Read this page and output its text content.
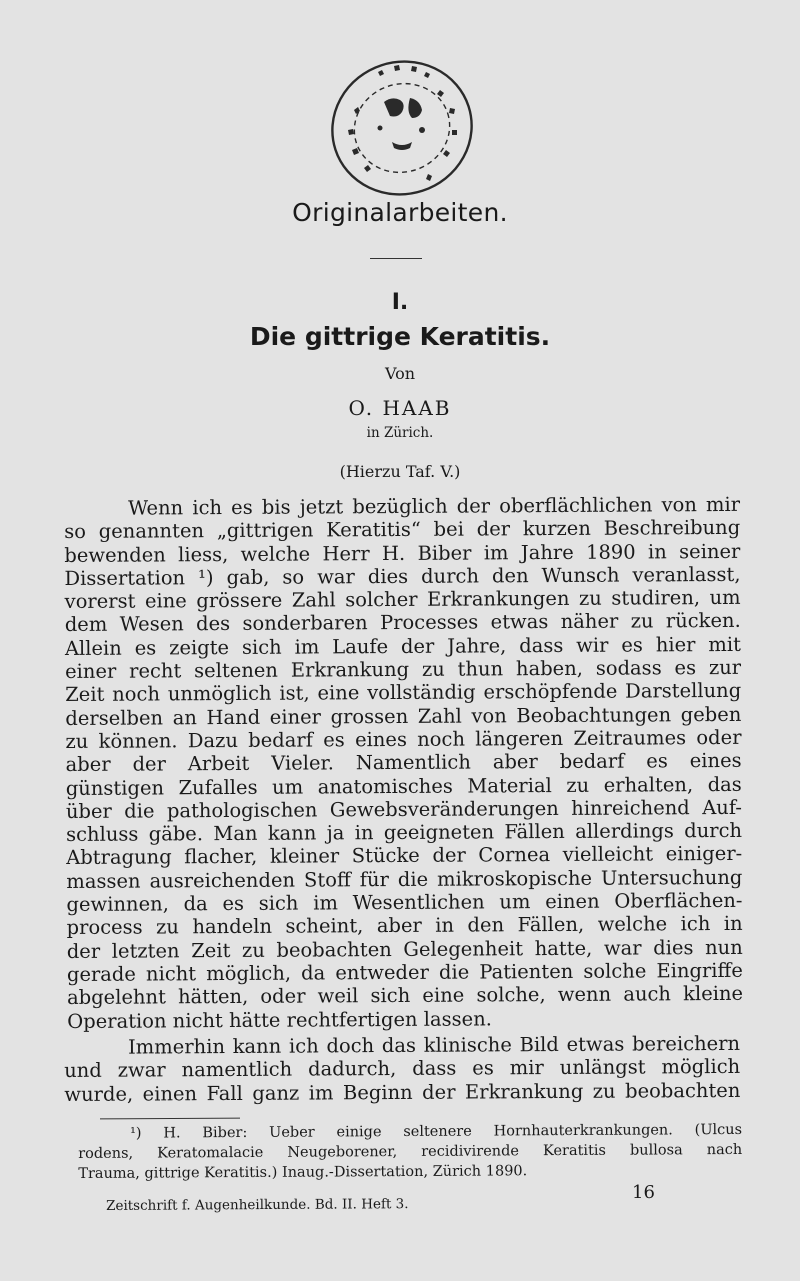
Originalarbeiten.
I.
Die gittrige Keratitis.
Von
O. HAAB
in Zürich.
(Hierzu Taf. V.)
Wenn ich es bis jetzt bezüglich der oberflächlichen von mir
so genannten „gittrigen Keratitis“ bei der kurzen Beschreibung
bewenden liess, welche Herr H. Biber im Jahre 1890 in seiner
Dissertation ¹) gab, so war dies durch den Wunsch veranlasst,
vorerst eine grössere Zahl solcher Erkrankungen zu studiren, um
dem Wesen des sonderbaren Processes etwas näher zu rücken.
Allein es zeigte sich im Laufe der Jahre, dass wir es hier mit
einer recht seltenen Erkrankung zu thun haben, sodass es zur
Zeit noch unmöglich ist, eine vollständig erschöpfende Darstellung
derselben an Hand einer grossen Zahl von Beobachtungen geben
zu können. Dazu bedarf es eines noch längeren Zeitraumes oder
aber der Arbeit Vieler. Namentlich aber bedarf es eines
günstigen Zufalles um anatomisches Material zu erhalten, das
über die pathologischen Gewebsveränderungen hinreichend Auf-
schluss gäbe. Man kann ja in geeigneten Fällen allerdings durch
Abtragung flacher, kleiner Stücke der Cornea vielleicht einiger-
massen ausreichenden Stoff für die mikroskopische Untersuchung
gewinnen, da es sich im Wesentlichen um einen Oberflächen-
process zu handeln scheint, aber in den Fällen, welche ich in
der letzten Zeit zu beobachten Gelegenheit hatte, war dies nun
gerade nicht möglich, da entweder die Patienten solche Eingriffe
abgelehnt hätten, oder weil sich eine solche, wenn auch kleine
Operation nicht hätte rechtfertigen lassen.
Immerhin kann ich doch das klinische Bild etwas bereichern
und zwar namentlich dadurch, dass es mir unlängst möglich
wurde, einen Fall ganz im Beginn der Erkrankung zu beobachten
¹) H. Biber: Ueber einige seltenere Hornhauterkrankungen. (Ulcus
rodens, Keratomalacie Neugeborener, recidivirende Keratitis bullosa nach
Trauma, gittrige Keratitis.) Inaug.-Dissertation, Zürich 1890.
Zeitschrift f. Augenheilkunde. Bd. II. Heft 3.
16
